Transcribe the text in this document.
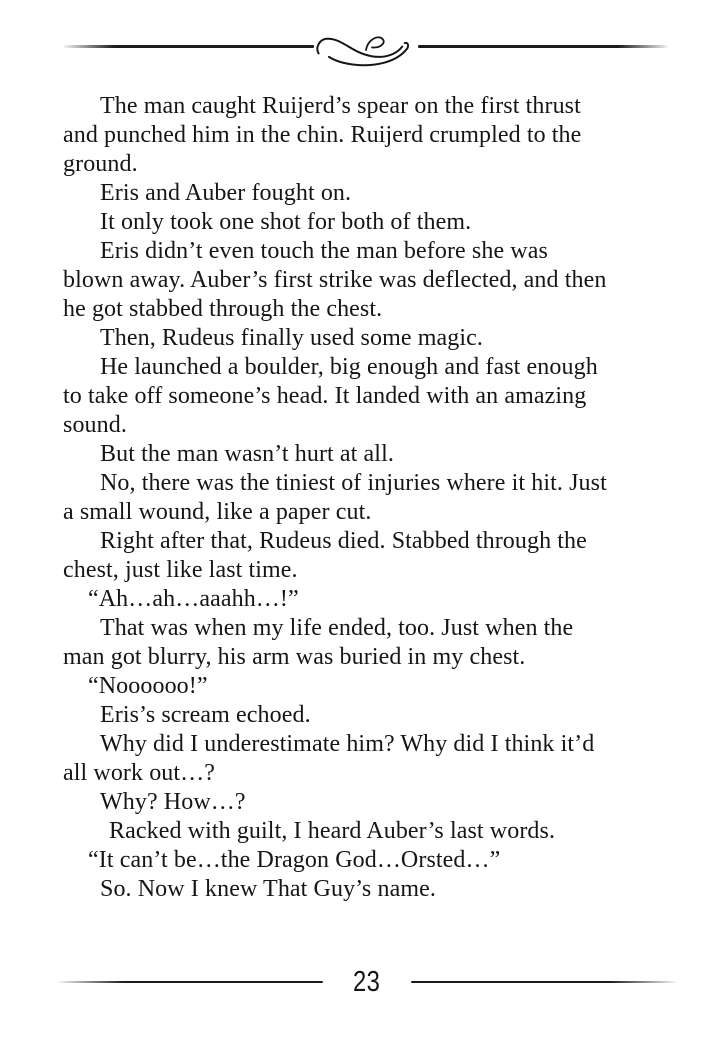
The man caught Ruijerd’s spear on the first thrust
and punched him in the chin. Ruijerd crumpled to the
ground.
Eris and Auber fought on.
It only took one shot for both of them.
Eris didn’t even touch the man before she was
blown away. Auber’s first strike was deflected, and then
he got stabbed through the chest.
Then, Rudeus finally used some magic.
He launched a boulder, big enough and fast enough
to take off someone’s head. It landed with an amazing
sound.
But the man wasn’t hurt at all.
No, there was the tiniest of injuries where it hit. Just
a small wound, like a paper cut.
Right after that, Rudeus died. Stabbed through the
chest, just like last time.
“Ah…ah…aaahh…!”
That was when my life ended, too. Just when the
man got blurry, his arm was buried in my chest.
“Noooooo!”
Eris’s scream echoed.
Why did I underestimate him? Why did I think it’d
all work out…?
Why? How…?
Racked with guilt, I heard Auber’s last words.
“It can’t be…the Dragon God…Orsted…”
So. Now I knew That Guy’s name.
23
